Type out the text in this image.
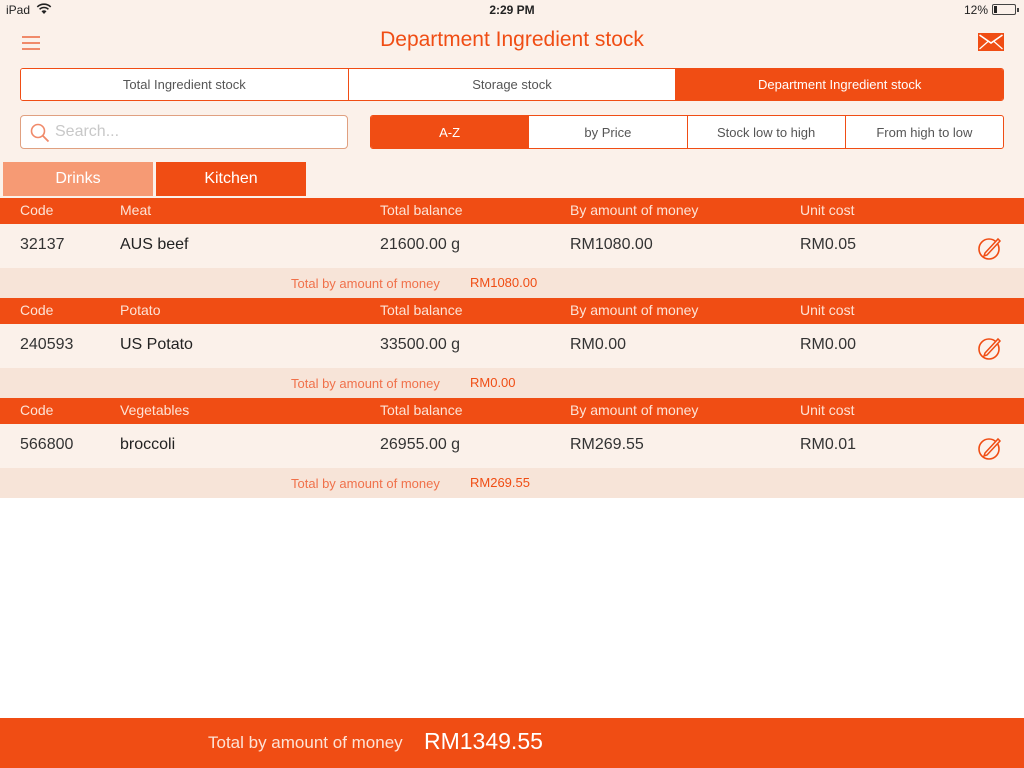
iPad	2:29 PM	12%
Department Ingredient stock
Total Ingredient stock	Storage stock	Department Ingredient stock
Search...
A-Z	by Price	Stock low to high	From high to low
Drinks	Kitchen
Code	Meat	Total balance	By amount of money	Unit cost
32137	AUS beef	21600.00 g	RM1080.00	RM0.05
Total by amount of money RM1080.00
Code	Potato	Total balance	By amount of money	Unit cost
240593	US Potato	33500.00 g	RM0.00	RM0.00
Total by amount of money RM0.00
Code	Vegetables	Total balance	By amount of money	Unit cost
566800	broccoli	26955.00 g	RM269.55	RM0.01
Total by amount of money RM269.55
Total by amount of money RM1349.55
